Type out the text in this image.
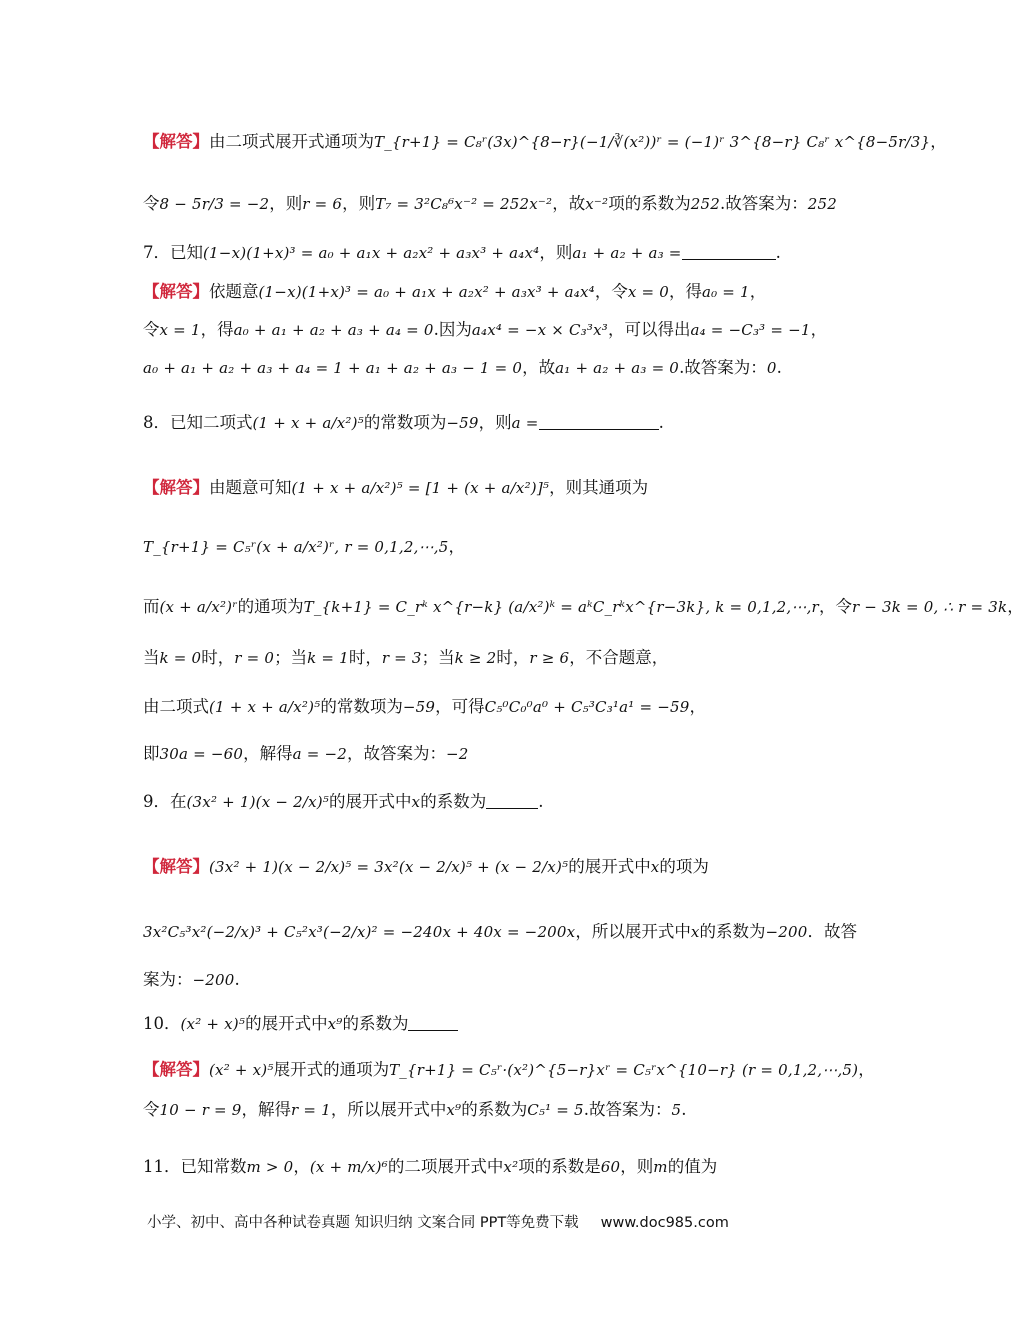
【解答】由二项式展开式通项为T_{r+1} = C₈ʳ(3x)^{8−r}(−1/∛(x²))ʳ = (−1)ʳ 3^{8−r} C₈ʳ x^{8−5r/3}，
令8 − 5r/3 = −2，则r = 6，则T₇ = 3²C₈⁶x⁻² = 252x⁻²，故x⁻²项的系数为252.故答案为：252
7．已知(1−x)(1+x)³ = a₀ + a₁x + a₂x² + a₃x³ + a₄x⁴，则a₁ + a₂ + a₃ =	.
【解答】依题意(1−x)(1+x)³ = a₀ + a₁x + a₂x² + a₃x³ + a₄x⁴，令x = 0，得a₀ = 1，
令x = 1，得a₀ + a₁ + a₂ + a₃ + a₄ = 0.因为a₄x⁴ = −x × C₃³x³，可以得出a₄ = −C₃³ = −1，
a₀ + a₁ + a₂ + a₃ + a₄ = 1 + a₁ + a₂ + a₃ − 1 = 0，故a₁ + a₂ + a₃ = 0.故答案为：0.
8．已知二项式(1 + x + a/x²)⁵的常数项为−59，则a =	.
【解答】由题意可知(1 + x + a/x²)⁵ = [1 + (x + a/x²)]⁵，则其通项为
T_{r+1} = C₅ʳ(x + a/x²)ʳ, r = 0,1,2,⋯,5，
而(x + a/x²)ʳ的通项为T_{k+1} = C_rᵏ x^{r−k} (a/x²)ᵏ = aᵏC_rᵏx^{r−3k}, k = 0,1,2,⋯,r，令r − 3k = 0, ∴ r = 3k，
当k = 0时，r = 0；当k = 1时，r = 3；当k ≥ 2时，r ≥ 6，不合题意，
由二项式(1 + x + a/x²)⁵的常数项为−59，可得C₅⁰C₀⁰a⁰ + C₅³C₃¹a¹ = −59，
即30a = −60，解得a = −2，故答案为：−2
9．在(3x² + 1)(x − 2/x)⁵的展开式中x的系数为	.
【解答】(3x² + 1)(x − 2/x)⁵ = 3x²(x − 2/x)⁵ + (x − 2/x)⁵的展开式中x的项为
3x²C₅³x²(−2/x)³ + C₅²x³(−2/x)² = −240x + 40x = −200x，所以展开式中x的系数为−200．故答
案为：−200.
10．(x² + x)⁵的展开式中x⁹的系数为
【解答】(x² + x)⁵展开式的通项为T_{r+1} = C₅ʳ·(x²)^{5−r}xʳ = C₅ʳx^{10−r} (r = 0,1,2,⋯,5)，
令10 − r = 9，解得r = 1，所以展开式中x⁹的系数为C₅¹ = 5.故答案为：5.
11．已知常数m > 0，(x + m/x)⁶的二项展开式中x²项的系数是60，则m的值为
小学、初中、高中各种试卷真题 知识归纳 文案合同 PPT等免费下载 www.doc985.com
